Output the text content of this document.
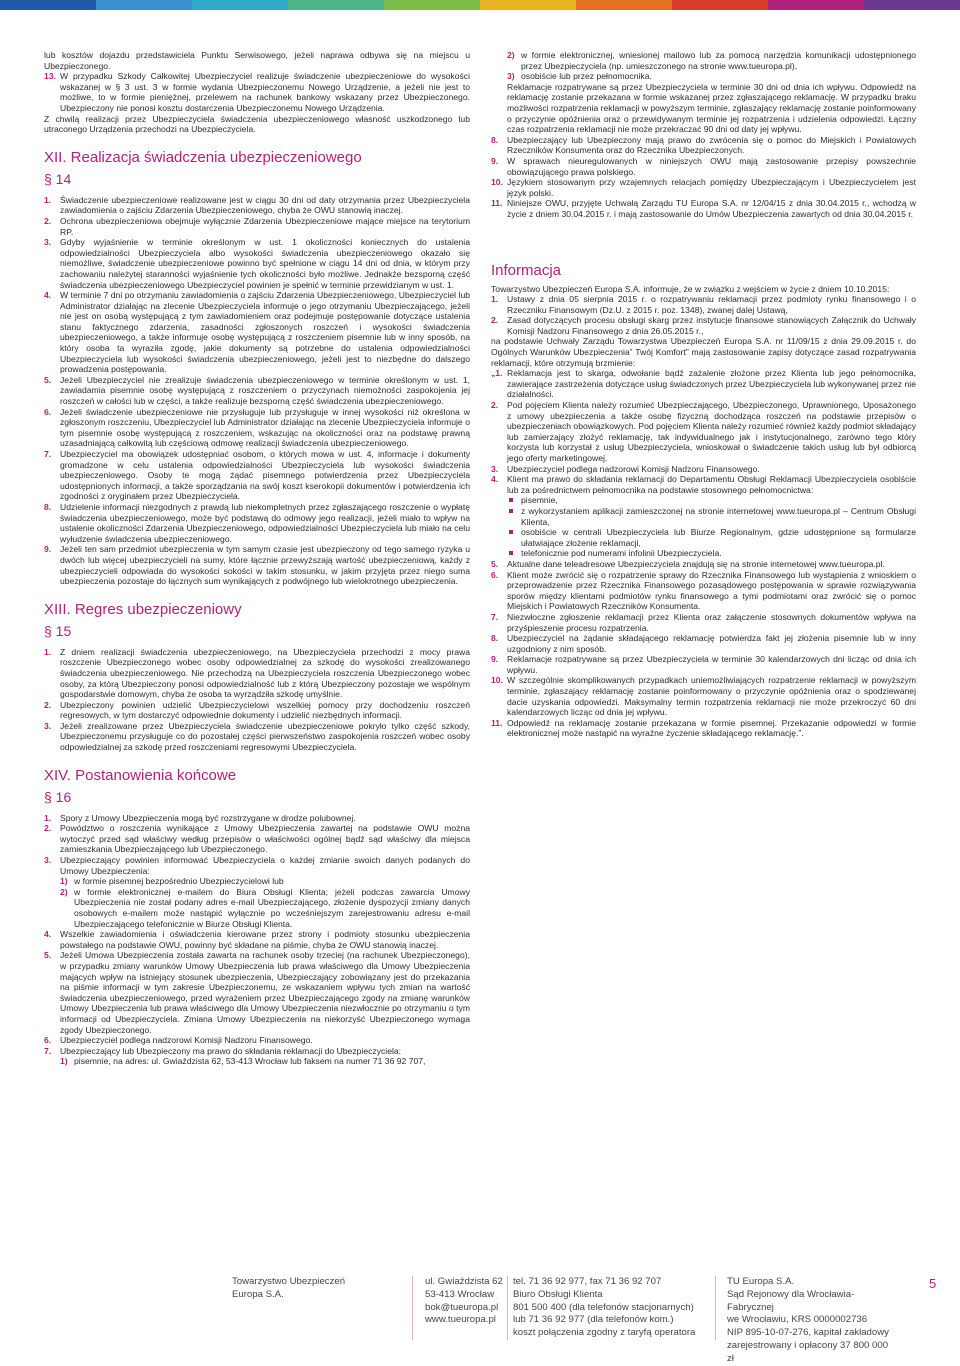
lub kosztów dojazdu przedstawiciela Punktu Serwisowego, jeżeli naprawa odbywa się na miejscu u Ubezpieczonego.

13. W przypadku Szkody Całkowitej Ubezpieczyciel realizuje świadczenie ubezpieczeniowe do wysokości wskazanej w § 3 ust. 3 w formie wydania Ubezpieczonemu Nowego Urządzenie, a jeżeli nie jest to możliwe, to w formie pieniężnej, przelewem na rachunek bankowy wskazany przez Ubezpieczonego. Ubezpieczony nie ponosi kosztu dostarczenia Ubezpieczonemu Nowego Urządzenia.

Z chwilą realizacji przez Ubezpieczyciela świadczenia ubezpieczeniowego własność uszkodzonego lub utraconego Urządzenia przechodzi na Ubezpieczyciela.

XII. Realizacja świadczenia ubezpieczeniowego
§ 14
1. Świadczenie ubezpieczeniowe realizowane jest w ciągu 30 dni od daty otrzymania przez Ubezpieczyciela zawiadomienia o zajściu Zdarzenia Ubezpieczeniowego, chyba że OWU stanowią inaczej.
2. Ochrona ubezpieczeniowa obejmuje wyłącznie Zdarzenia Ubezpieczeniowe mające miejsce na terytorium RP.
3. Gdyby wyjaśnienie w terminie określonym w ust. 1 okoliczności koniecznych do ustalenia odpowiedzialności Ubezpieczyciela albo wysokości świadczenia ubezpieczeniowego okazało się niemożliwe, świadczenie ubezpieczeniowe powinno być spełnione w ciągu 14 dni od dnia, w którym przy zachowaniu należytej staranności wyjaśnienie tych okoliczności było możliwe. Jednakże bezsporną część świadczenia ubezpieczeniowego Ubezpieczyciel powinien je spełnić w terminie przewidzianym w ust. 1.
4. W terminie 7 dni po otrzymaniu zawiadomienia o zajściu Zdarzenia Ubezpieczeniowego, Ubezpieczyciel lub Administrator działając na zlecenie Ubezpieczyciela informuje o jego otrzymaniu Ubezpieczającego, jeżeli nie jest on osobą występującą z tym zawiadomieniem oraz podejmuje postępowanie dotyczące ustalenia stanu faktycznego zdarzenia, zasadności zgłoszonych roszczeń i wysokości świadczenia ubezpieczeniowego, a także informuje osobę występującą z roszczeniem pisemnie lub w inny sposób, na który osoba ta wyraziła zgodę, jakie dokumenty są potrzebne do ustalenia odpowiedzialności Ubezpieczyciela lub wysokości świadczenia ubezpieczeniowego, jeżeli jest to niezbędne do dalszego prowadzenia postępowania.
5. Jeżeli Ubezpieczyciel nie zrealizuje świadczenia ubezpieczeniowego w terminie określonym w ust. 1, zawiadamia pisemnie osobę występującą z roszczeniem o przyczynach niemożności zaspokojenia jej roszczeń w całości lub w części, a także realizuje bezsporną część świadczenia ubezpieczeniowego.
6. Jeżeli świadczenie ubezpieczeniowe nie przysługuje lub przysługuje w innej wysokości niż określona w zgłoszonym roszczeniu, Ubezpieczyciel lub Administrator działając na zlecenie Ubezpieczyciela informuje o tym pisemnie osobę występującą z roszczeniem, wskazując na okoliczności oraz na podstawę prawną uzasadniającą całkowitą lub częściową odmowę realizacji świadczenia ubezpieczeniowego.
7. Ubezpieczyciel ma obowiązek udostępniać osobom, o których mowa w ust. 4, informacje i dokumenty gromadzone w celu ustalenia odpowiedzialności Ubezpieczyciela lub wysokości świadczenia ubezpieczeniowego. Osoby te mogą żądać pisemnego potwierdzenia przez Ubezpieczyciela udostępnionych informacji, a także sporządzania na swój koszt kserokopii dokumentów i potwierdzenia ich zgodności z oryginałem przez Ubezpieczyciela.
8. Udzielenie informacji niezgodnych z prawdą lub niekompletnych przez zgłaszającego roszczenie o wypłatę świadczenia ubezpieczeniowego, może być podstawą do odmowy jego realizacji, jeżeli miało to wpływ na ustalenie okoliczności Zdarzenia Ubezpieczeniowego, odpowiedzialności Ubezpieczyciela lub miało na celu wyłudzenie świadczenia ubezpieczeniowego.
9. Jeżeli ten sam przedmiot ubezpieczenia w tym samym czasie jest ubezpieczony od tego samego ryzyka u dwóch lub więcej ubezpieczycieli na sumy, które łącznie przewyższają wartość ubezpieczeniową, każdy z ubezpieczycieli odpowiada do wysokości sokości w takim stosunku, w jakim przyjęta przez niego suma ubezpieczenia pozostaje do łącznych sum wynikających z podwójnego lub wielokrotnego ubezpieczenia.
XIII. Regres ubezpieczeniowy
§ 15
1. Z dniem realizacji świadczenia ubezpieczeniowego, na Ubezpieczyciela przechodzi z mocy prawa roszczenie Ubezpieczonego wobec osoby odpowiedzialnej za szkodę do wysokości zrealizowanego świadczenia ubezpieczeniowego. Nie przechodzą na Ubezpieczyciela roszczenia Ubezpieczonego wobec osoby, za którą Ubezpieczony ponosi odpowiedzialność lub z którą Ubezpieczony pozostaje we wspólnym gospodarstwie domowym, chyba że osoba ta wyrządziła szkodę umyślnie.
2. Ubezpieczony powinien udzielić Ubezpieczycielowi wszelkiej pomocy przy dochodzeniu roszczeń regresowych, w tym dostarczyć odpowiednie dokumenty i udzielić niezbędnych informacji.
3. Jeżeli zrealizowane przez Ubezpieczyciela świadczenie ubezpieczeniowe pokryło tylko część szkody, Ubezpieczonemu przysługuje co do pozostałej części pierwszeństwo zaspokojenia roszczeń wobec osoby odpowiedzialnej za szkodę przed roszczeniami regresowymi Ubezpieczyciela.
XIV. Postanowienia końcowe
§ 16
1. Spory z Umowy Ubezpieczenia mogą być rozstrzygane w drodze polubownej.
2. Powództwo o roszczenia wynikające z Umowy Ubezpieczenia zawartej na podstawie OWU można wytoczyć przed sąd właściwy według przepisów o właściwości ogólnej bądź sąd właściwy dla miejsca zamieszkania Ubezpieczającego lub Ubezpieczonego.
3. Ubezpieczający powinien informować Ubezpieczyciela o każdej zmianie swoich danych podanych do Umowy Ubezpieczenia:
1) w formie pisemnej bezpośrednio Ubezpieczycielowi lub
2) w formie elektronicznej e-mailem do Biura Obsługi Klienta; jeżeli podczas zawarcia Umowy Ubezpieczenia nie został podany adres e-mail Ubezpieczającego, złożenie dyspozycji zmiany danych osobowych e-mailem może nastąpić wyłącznie po wcześniejszym zarejestrowaniu adresu e-mail Ubezpieczającego telefonicznie w Biurze Obsługi Klienta.
4. Wszelkie zawiadomienia i oświadczenia kierowane przez strony i podmioty stosunku ubezpieczenia powstałego na podstawie OWU, powinny być składane na piśmie, chyba że OWU stanowią inaczej.
5. Jeżeli Umowa Ubezpieczenia została zawarta na rachunek osoby trzeciej (na rachunek Ubezpieczonego), w przypadku zmiany warunków Umowy Ubezpieczenia lub prawa właściwego dla Umowy Ubezpieczenia mających wpływ na istniejący stosunek ubezpieczenia, Ubezpieczający zobowiązany jest do przekazania na piśmie informacji w tym zakresie Ubezpieczonemu, ze wskazaniem wpływu tych zmian na wartość świadczenia ubezpieczeniowego, przed wyrażeniem przez Ubezpieczającego zgody na zmianę warunków Umowy Ubezpieczenia lub prawa właściwego dla Umowy Ubezpieczenia niezwłocznie po otrzymaniu o tym informacji od Ubezpieczyciela. Zmiana Umowy Ubezpieczenia na niekorzyść Ubezpieczonego wymaga zgody Ubezpieczonego.
6. Ubezpieczyciel podlega nadzorowi Komisji Nadzoru Finansowego.
7. Ubezpieczający lub Ubezpieczony ma prawo do składania reklamacji do Ubezpieczyciela:
1) pisemnie, na adres: ul. Gwiaździsta 62, 53-413 Wrocław lub faksem na numer 71 36 92 707,
2) w formie elektronicznej, wniesionej mailowo lub za pomocą narzędzia komunikacji udostępnionego przez Ubezpieczyciela (np. umieszczonego na stronie www.tueuropa.pl),
3) osobiście lub przez pełnomocnika.

Reklamacje rozpatrywane są przez Ubezpieczyciela w terminie 30 dni od dnia ich wpływu. Odpowiedź na reklamację zostanie przekazana w formie wskazanej przez zgłaszającego reklamację. W przypadku braku możliwości rozpatrzenia reklamacji w powyższym terminie, zgłaszający reklamację zostanie poinformowany o przyczynie opóźnienia oraz o przewidywanym terminie jej rozpatrzenia i udzielenia odpowiedzi. Łączny czas rozpatrzenia reklamacji nie może przekraczać 90 dni od daty jej wpływu.

8. Ubezpieczający lub Ubezpieczony mają prawo do zwrócenia się o pomoc do Miejskich i Powiatowych Rzeczników Konsumenta oraz do Rzecznika Ubezpieczonych.
9. W sprawach nieuregulowanych w niniejszych OWU mają zastosowanie przepisy powszechnie obowiązującego prawa polskiego.
10. Językiem stosowanym przy wzajemnych relacjach pomiędzy Ubezpieczającym i Ubezpieczycielem jest język polski.
11. Niniejsze OWU, przyjęte Uchwałą Zarządu TU Europa S.A. nr 12/04/15 z dnia 30.04.2015 r., wchodzą w życie z dniem 30.04.2015 r. i mają zastosowanie do Umów Ubezpieczenia zawartych od dnia 30.04.2015 r.
Informacja

Towarzystwo Ubezpieczeń Europa S.A. informuje, że w związku z wejściem w życie z dniem 10.10.2015:

1. Ustawy z dnia 05 sierpnia 2015 r. o rozpatrywaniu reklamacji przez podmioty rynku finansowego i o Rzeczniku Finansowym (Dz.U. z 2015 r. poz. 1348), zwanej dalej Ustawą,
2. Zasad dotyczących procesu obsługi skarg przez instytucje finansowe stanowiących Załącznik do Uchwały Komisji Nadzoru Finansowego z dnia 26.05.2015 r.,

na podstawie Uchwały Zarządu Towarzystwa Ubezpieczeń Europa S.A. nr 11/09/15 z dnia 29.09.2015 r. do Ogólnych Warunków Ubezpieczenia” Twój Komfort” mają zastosowanie zapisy dotyczące zasad rozpatrywania reklamacji, które otrzymują brzmienie:

„1. Reklamacja jest to skarga, odwołanie bądź zażalenie złożone przez Klienta lub jego pełnomocnika, zawierające zastrzeżenia dotyczące usług świadczonych przez Ubezpieczyciela lub wykonywanej przez nie działalności.
2. Pod pojęciem Klienta należy rozumieć Ubezpieczającego, Ubezpieczonego, Uprawnionego, Uposażonego z umowy ubezpieczenia a także osobę fizyczną dochodząca roszczeń na podstawie przepisów o ubezpieczeniach obowiązkowych. Pod pojęciem Klienta należy rozumieć również każdy podmiot składający lub zamierzający złożyć reklamację, tak indywidualnego jak i instytucjonalnego, zarówno tego który korzysta lub korzystał z usług Ubezpieczyciela, wnioskował o świadczenie takich usług lub był odbiorcą jego oferty marketingowej.
3. Ubezpieczyciel podlega nadzorowi Komisji Nadzoru Finansowego.
4. Klient ma prawo do składania reklamacji do Departamentu Obsługi Reklamacji Ubezpieczyciela osobiście lub za pośrednictwem pełnomocnika na podstawie stosownego pełnomocnictwa:
pisemnie,
z wykorzystaniem aplikacji zamieszczonej na stronie internetowej www.tueuropa.pl – Centrum Obsługi Klienta,
osobiście w centrali Ubezpieczyciela lub Biurze Regionalnym, gdzie udostępnione są formularze ułatwiające złożenie reklamacji,
telefonicznie pod numerami infolinii Ubezpieczyciela.
5. Aktualne dane teleadresowe Ubezpieczyciela znajdują się na stronie internetowej www.tueuropa.pl.
6. Klient może zwrócić się o rozpatrzenie sprawy do Rzecznika Finansowego lub wystąpienia z wnioskiem o przeprowadzenie przez Rzecznika Finansowego pozasądowego postępowania w sprawie rozwiązywania sporów między klientami podmiotów rynku finansowego a tymi podmiotami oraz zwrócić się o pomoc Miejskich i Powiatowych Rzeczników Konsumenta.
7. Niezwłoczne zgłoszenie reklamacji przez Klienta oraz załączenie stosownych dokumentów wpływa na przyśpieszenie procesu rozpatrzenia.
8. Ubezpieczyciel na żądanie składającego reklamację potwierdza fakt jej złożenia pisemnie lub w inny uzgodniony z nim sposób.
9. Reklamacje rozpatrywane są przez Ubezpieczyciela w terminie 30 kalendarzowych dni licząc od dnia ich wpływu.
10. W szczególnie skomplikowanych przypadkach uniemożliwiających rozpatrzenie reklamacji w powyższym terminie, zgłaszający reklamację zostanie poinformowany o przyczynie opóźnienia oraz o spodziewanej dacie uzyskania odpowiedzi. Maksymalny termin rozpatrzenia reklamacji nie może przekroczyć 60 dni kalendarzowych licząc od dnia jej wpływu.
11. Odpowiedź na reklamację zostanie przekazana w formie pisemnej. Przekazanie odpowiedzi w formie elektronicznej może nastąpić na wyraźne życzenie składającego reklamację.”.
Towarzystwo Ubezpieczeń
Europa S.A.
ul. Gwiaździsta 62
53-413 Wrocław
bok@tueuropa.pl
www.tueuropa.pl
tel. 71 36 92 977, fax 71 36 92 707
Biuro Obsługi Klienta
801 500 400 (dla telefonów stacjonarnych)
lub 71 36 92 977 (dla telefonów kom.)
koszt połączenia zgodny z taryfą operatora
TU Europa S.A.
Sąd Rejonowy dla Wrocławia-Fabrycznej
we Wrocławiu, KRS 0000002736
NIP 895-10-07-276, kapitał zakładowy
zarejestrowany i opłacony 37 800 000 zł
5
